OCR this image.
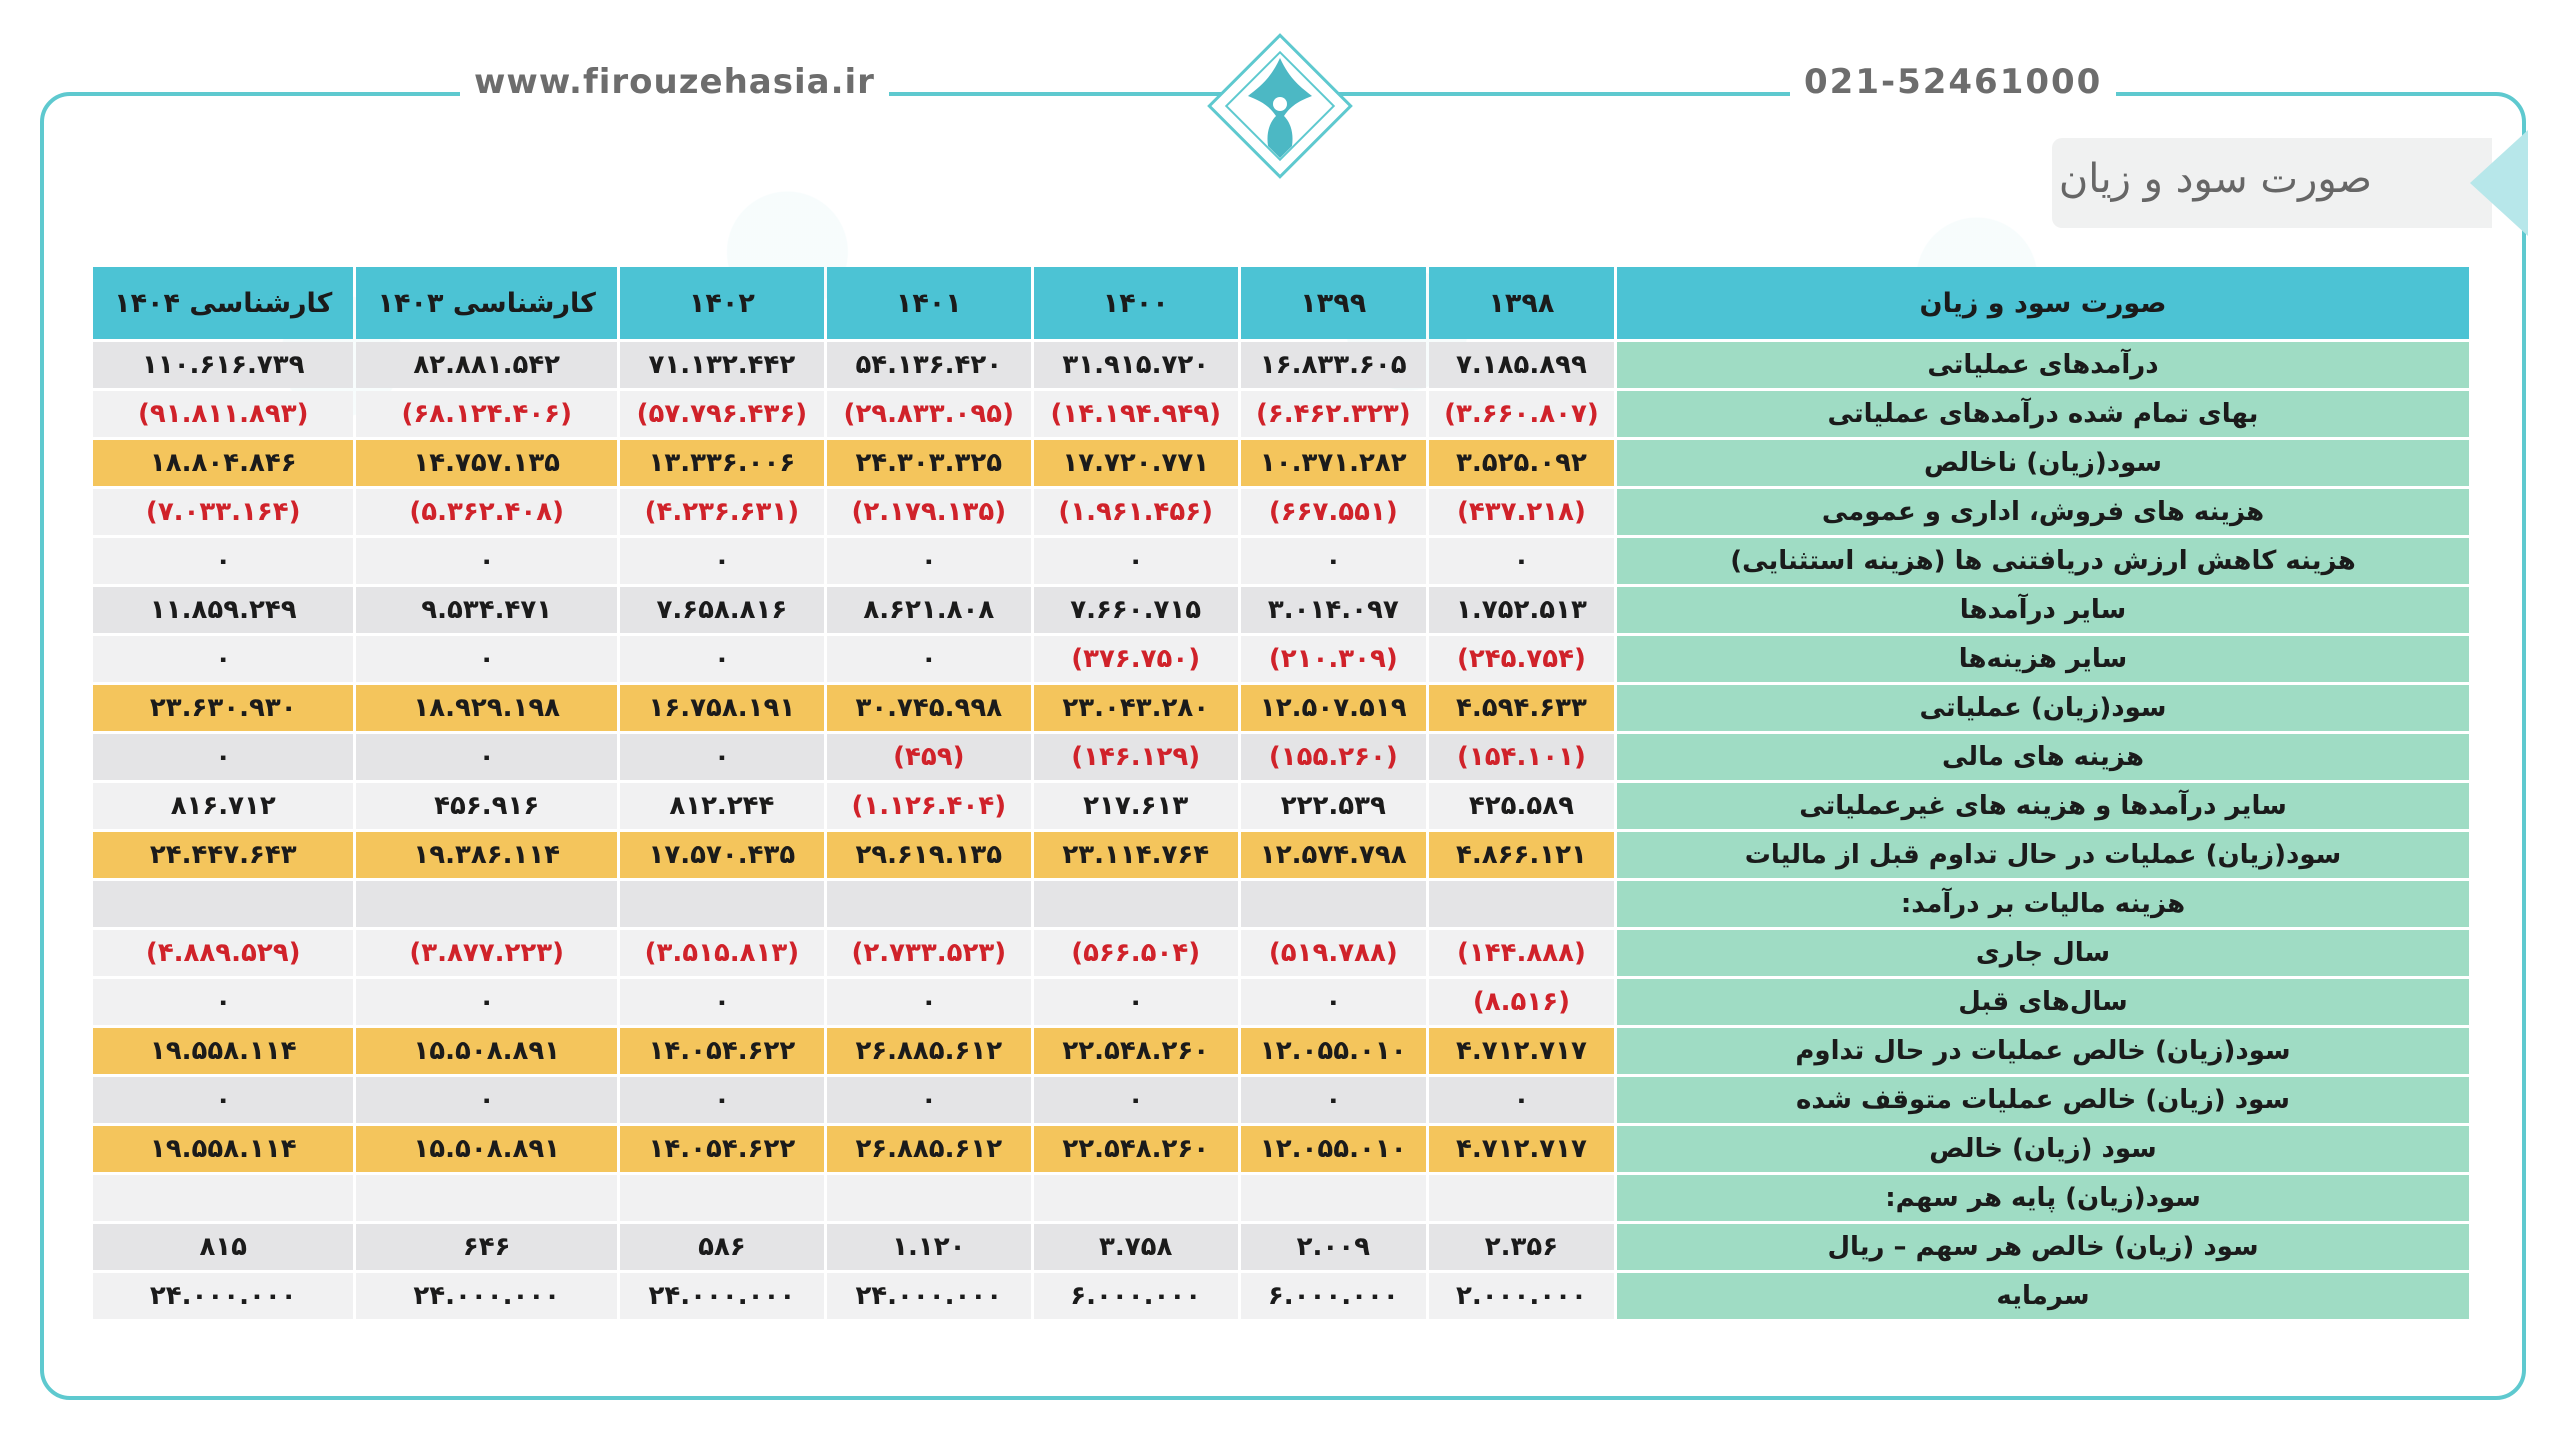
www.firouzehasia.ir	021-52461000
صورت سود و زیان
صورت سود و زیان	۱۳۹۸	۱۳۹۹	۱۴۰۰	۱۴۰۱	۱۴۰۲	کارشناسی ۱۴۰۳	کارشناسی ۱۴۰۴
درآمدهای عملیاتی	۷.۱۸۵.۸۹۹	۱۶.۸۳۳.۶۰۵	۳۱.۹۱۵.۷۲۰	۵۴.۱۳۶.۴۲۰	۷۱.۱۳۲.۴۴۲	۸۲.۸۸۱.۵۴۲	۱۱۰.۶۱۶.۷۳۹
بهای تمام شده درآمدهای عملیاتی	(۳.۶۶۰.۸۰۷)	(۶.۴۶۲.۳۲۳)	(۱۴.۱۹۴.۹۴۹)	(۲۹.۸۳۳.۰۹۵)	(۵۷.۷۹۶.۴۳۶)	(۶۸.۱۲۴.۴۰۶)	(۹۱.۸۱۱.۸۹۳)
سود(زیان) ناخالص	۳.۵۲۵.۰۹۲	۱۰.۳۷۱.۲۸۲	۱۷.۷۲۰.۷۷۱	۲۴.۳۰۳.۳۲۵	۱۳.۳۳۶.۰۰۶	۱۴.۷۵۷.۱۳۵	۱۸.۸۰۴.۸۴۶
هزینه های فروش، اداری و عمومی	(۴۳۷.۲۱۸)	(۶۶۷.۵۵۱)	(۱.۹۶۱.۴۵۶)	(۲.۱۷۹.۱۳۵)	(۴.۲۳۶.۶۳۱)	(۵.۳۶۲.۴۰۸)	(۷.۰۳۳.۱۶۴)
هزینه کاهش ارزش دریافتنی ها (هزینه استثنایی)	۰	۰	۰	۰	۰	۰	۰
سایر درآمدها	۱.۷۵۲.۵۱۳	۳.۰۱۴.۰۹۷	۷.۶۶۰.۷۱۵	۸.۶۲۱.۸۰۸	۷.۶۵۸.۸۱۶	۹.۵۳۴.۴۷۱	۱۱.۸۵۹.۲۴۹
سایر هزینه‌ها	(۲۴۵.۷۵۴)	(۲۱۰.۳۰۹)	(۳۷۶.۷۵۰)	۰	۰	۰	۰
سود(زیان) عملیاتی	۴.۵۹۴.۶۳۳	۱۲.۵۰۷.۵۱۹	۲۳.۰۴۳.۲۸۰	۳۰.۷۴۵.۹۹۸	۱۶.۷۵۸.۱۹۱	۱۸.۹۲۹.۱۹۸	۲۳.۶۳۰.۹۳۰
هزینه های مالی	(۱۵۴.۱۰۱)	(۱۵۵.۲۶۰)	(۱۴۶.۱۲۹)	(۴۵۹)	۰	۰	۰
سایر درآمدها و هزینه های غیرعملیاتی	۴۲۵.۵۸۹	۲۲۲.۵۳۹	۲۱۷.۶۱۳	(۱.۱۲۶.۴۰۴)	۸۱۲.۲۴۴	۴۵۶.۹۱۶	۸۱۶.۷۱۲
سود(زیان) عملیات در حال تداوم قبل از مالیات	۴.۸۶۶.۱۲۱	۱۲.۵۷۴.۷۹۸	۲۳.۱۱۴.۷۶۴	۲۹.۶۱۹.۱۳۵	۱۷.۵۷۰.۴۳۵	۱۹.۳۸۶.۱۱۴	۲۴.۴۴۷.۶۴۳
هزینه مالیات بر درآمد:							
سال جاری	(۱۴۴.۸۸۸)	(۵۱۹.۷۸۸)	(۵۶۶.۵۰۴)	(۲.۷۳۳.۵۲۳)	(۳.۵۱۵.۸۱۳)	(۳.۸۷۷.۲۲۳)	(۴.۸۸۹.۵۲۹)
سال‌های قبل	(۸.۵۱۶)	۰	۰	۰	۰	۰	۰
سود(زیان) خالص عملیات در حال تداوم	۴.۷۱۲.۷۱۷	۱۲.۰۵۵.۰۱۰	۲۲.۵۴۸.۲۶۰	۲۶.۸۸۵.۶۱۲	۱۴.۰۵۴.۶۲۲	۱۵.۵۰۸.۸۹۱	۱۹.۵۵۸.۱۱۴
سود (زیان) خالص عملیات متوقف شده	۰	۰	۰	۰	۰	۰	۰
سود (زیان) خالص	۴.۷۱۲.۷۱۷	۱۲.۰۵۵.۰۱۰	۲۲.۵۴۸.۲۶۰	۲۶.۸۸۵.۶۱۲	۱۴.۰۵۴.۶۲۲	۱۵.۵۰۸.۸۹۱	۱۹.۵۵۸.۱۱۴
سود(زیان) پایه هر سهم:							
سود (زیان) خالص هر سهم – ریال	۲.۳۵۶	۲.۰۰۹	۳.۷۵۸	۱.۱۲۰	۵۸۶	۶۴۶	۸۱۵
سرمایه	۲.۰۰۰.۰۰۰	۶.۰۰۰.۰۰۰	۶.۰۰۰.۰۰۰	۲۴.۰۰۰.۰۰۰	۲۴.۰۰۰.۰۰۰	۲۴.۰۰۰.۰۰۰	۲۴.۰۰۰.۰۰۰
